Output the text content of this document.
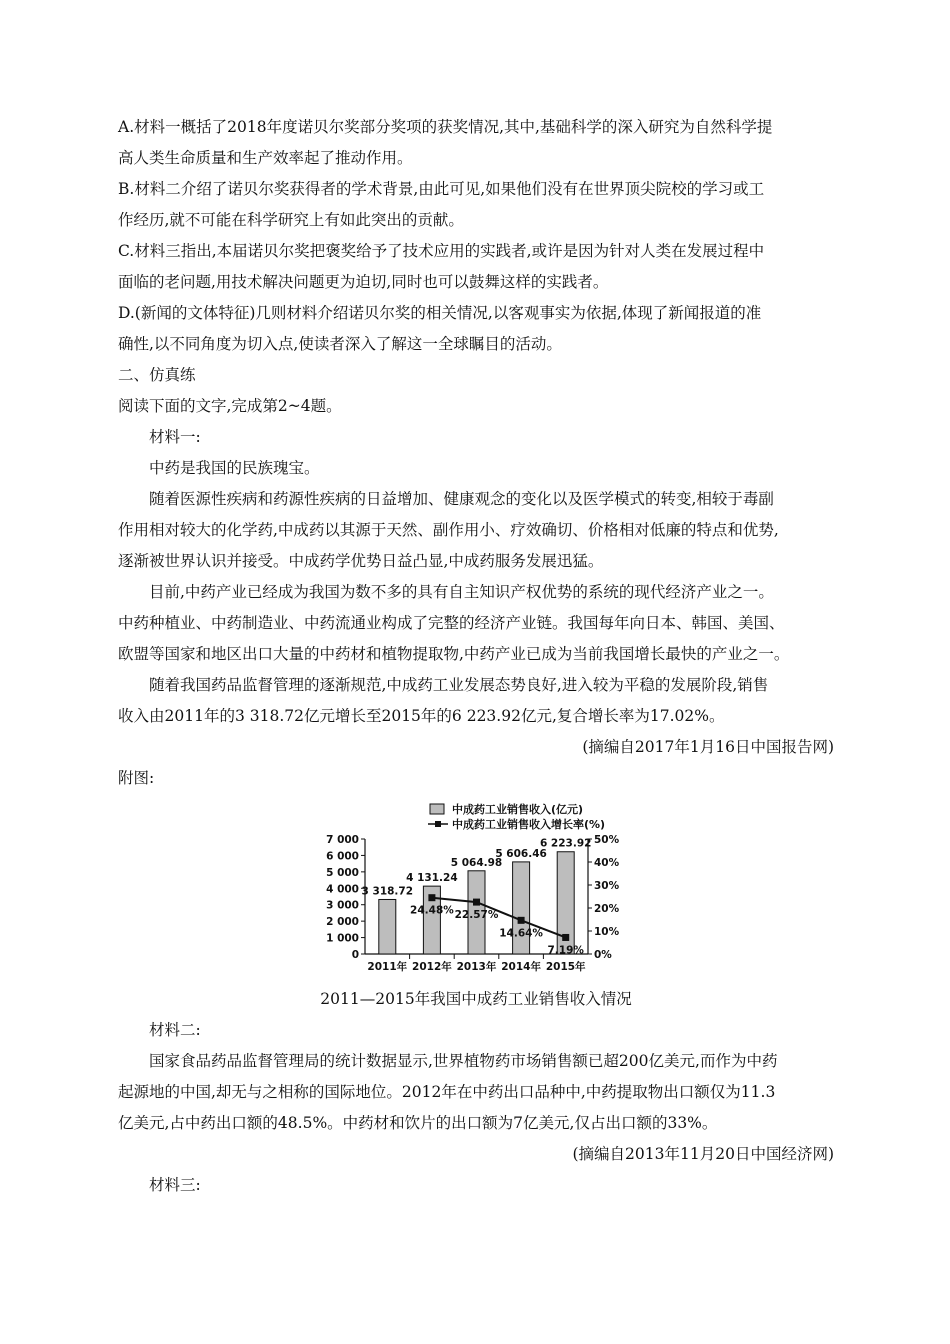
A.材料一概括了2018年度诺贝尔奖部分奖项的获奖情况,其中,基础科学的深入研究为自然科学提
高人类生命质量和生产效率起了推动作用。
B.材料二介绍了诺贝尔奖获得者的学术背景,由此可见,如果他们没有在世界顶尖院校的学习或工
作经历,就不可能在科学研究上有如此突出的贡献。
C.材料三指出,本届诺贝尔奖把褒奖给予了技术应用的实践者,或许是因为针对人类在发展过程中
面临的老问题,用技术解决问题更为迫切,同时也可以鼓舞这样的实践者。
D.(新闻的文体特征)几则材料介绍诺贝尔奖的相关情况,以客观事实为依据,体现了新闻报道的准
确性,以不同角度为切入点,使读者深入了解这一全球瞩目的活动。
二、仿真练
阅读下面的文字,完成第2~4题。
材料一:
中药是我国的民族瑰宝。
随着医源性疾病和药源性疾病的日益增加、健康观念的变化以及医学模式的转变,相较于毒副
作用相对较大的化学药,中成药以其源于天然、副作用小、疗效确切、价格相对低廉的特点和优势,
逐渐被世界认识并接受。中成药学优势日益凸显,中成药服务发展迅猛。
目前,中药产业已经成为我国为数不多的具有自主知识产权优势的系统的现代经济产业之一。
中药种植业、中药制造业、中药流通业构成了完整的经济产业链。我国每年向日本、韩国、美国、
欧盟等国家和地区出口大量的中药材和植物提取物,中药产业已成为当前我国增长最快的产业之一。
随着我国药品监督管理的逐渐规范,中成药工业发展态势良好,进入较为平稳的发展阶段,销售
收入由2011年的3 318.72亿元增长至2015年的6 223.92亿元,复合增长率为17.02%。
(摘编自2017年1月16日中国报告网)
附图:
中成药工业销售收入(亿元)
中成药工业销售收入增长率(%)
0
1 000
2 000
3 000
4 000
5 000
6 000
7 000
0%
10%
20%
30%
40%
50%
2011年 2012年 2013年 2014年 2015年
3 318.72
4 131.24
5 064.98
5 606.46
6 223.92
24.48% 22.57%
14.64%
7.19%
2011—2015年我国中成药工业销售收入情况
材料二:
国家食品药品监督管理局的统计数据显示,世界植物药市场销售额已超200亿美元,而作为中药
起源地的中国,却无与之相称的国际地位。2012年在中药出口品种中,中药提取物出口额仅为11.3
亿美元,占中药出口额的48.5%。中药材和饮片的出口额为7亿美元,仅占出口额的33%。
(摘编自2013年11月20日中国经济网)
材料三:
